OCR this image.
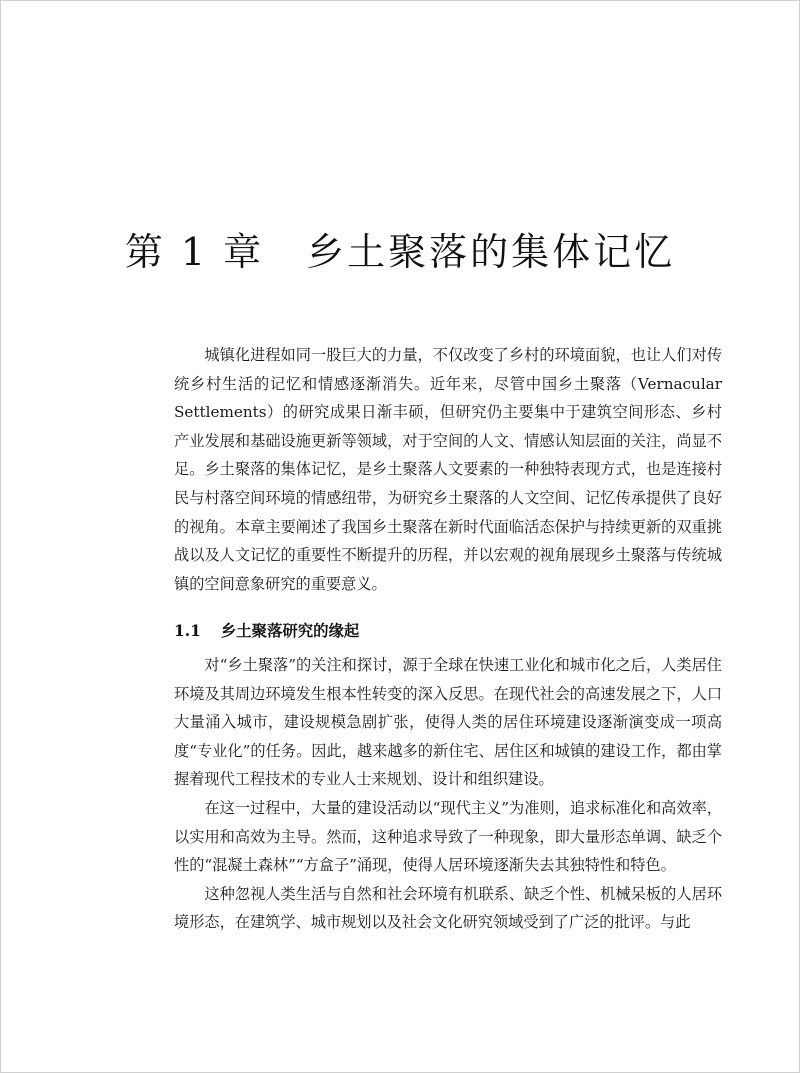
第 1 章 乡土聚落的集体记忆

城镇化进程如同一股巨大的力量，不仅改变了乡村的环境面貌，也让人们对传统乡村生活的记忆和情感逐渐消失。近年来，尽管中国乡土聚落（Vernacular Settlements）的研究成果日渐丰硕，但研究仍主要集中于建筑空间形态、乡村产业发展和基础设施更新等领域，对于空间的人文、情感认知层面的关注，尚显不足。乡土聚落的集体记忆，是乡土聚落人文要素的一种独特表现方式，也是连接村民与村落空间环境的情感纽带，为研究乡土聚落的人文空间、记忆传承提供了良好的视角。本章主要阐述了我国乡土聚落在新时代面临活态保护与持续更新的双重挑战以及人文记忆的重要性不断提升的历程，并以宏观的视角展现乡土聚落与传统城镇的空间意象研究的重要意义。

1.1 乡土聚落研究的缘起

对“乡土聚落”的关注和探讨，源于全球在快速工业化和城市化之后，人类居住环境及其周边环境发生根本性转变的深入反思。在现代社会的高速发展之下，人口大量涌入城市，建设规模急剧扩张，使得人类的居住环境建设逐渐演变成一项高度“专业化”的任务。因此，越来越多的新住宅、居住区和城镇的建设工作，都由掌握着现代工程技术的专业人士来规划、设计和组织建设。

在这一过程中，大量的建设活动以“现代主义”为准则，追求标准化和高效率，以实用和高效为主导。然而，这种追求导致了一种现象，即大量形态单调、缺乏个性的“混凝土森林”“方盒子”涌现，使得人居环境逐渐失去其独特性和特色。

这种忽视人类生活与自然和社会环境有机联系、缺乏个性、机械呆板的人居环境形态，在建筑学、城市规划以及社会文化研究领域受到了广泛的批评。与此
